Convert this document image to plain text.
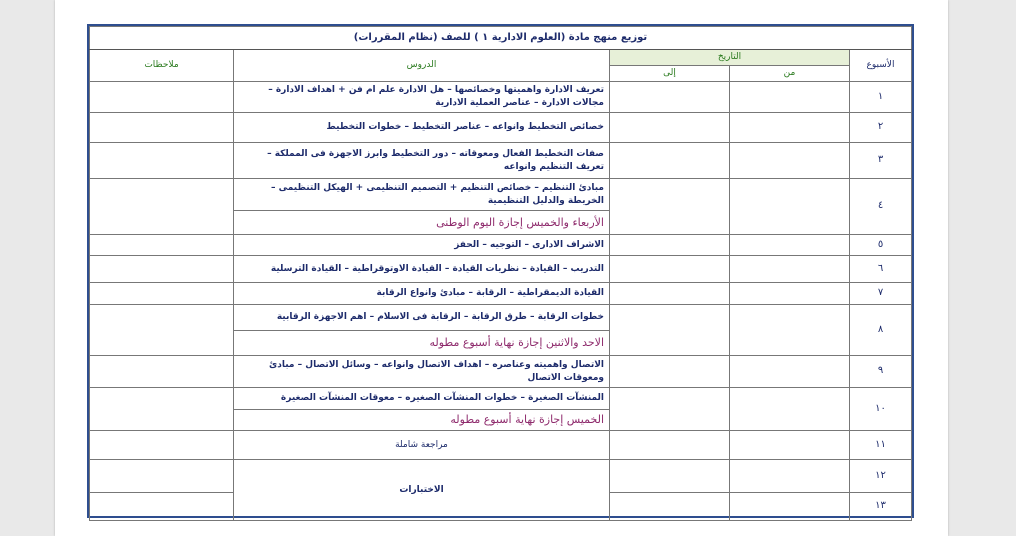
توزيع منهج مادة (العلوم الادارية ١ ) للصف (نظام المقررات)				
الأسبوع	التاريخ		الدروس	ملاحظات
	من	إلى		
١			تعريف الادارة واهميتها وخصائصها – هل الادارة علم ام فن + اهداف الادارة – مجالات الادارة – عناصر العملية الادارية	
٢			خصائص التخطيط وانواعه – عناصر التخطيط – خطوات التخطيط	
٣			صفات التخطيط الفعال ومعوقاته – دور التخطيط وابرز الاجهزة فى المملكة – تعريف التنظيم وانواعه	
٤			مبادئ التنظيم – خصائص التنظيم + التصميم التنظيمى + الهيكل التنظيمى – الخريطة والدليل التنظيمية	
			الأربعاء والخميس إجازة اليوم الوطنى	
٥			الاشراف الادارى – التوجيه – الحفز	
٦			التدريب – القيادة – نظريات القيادة – القيادة الاوتوقراطية – القيادة الترسلية	
٧			القيادة الديمقراطية – الرقابة – مبادئ وانواع الرقابة	
٨			خطوات الرقابة – طرق الرقابة – الرقابة فى الاسلام – اهم الاجهزة الرقابية	
			الاحد والاثنين إجازة نهاية أسبوع مطوله	
٩			الاتصال واهميته وعناصره – اهداف الاتصال وانواعه – وسائل الاتصال – مبادئ ومعوقات الاتصال	
١٠			المنشآت الصغيرة – خطوات المنشآت الصغيره – معوقات المنشآت الصغيرة	
			الخميس إجازة نهاية أسبوع مطوله	
١١			مراجعة شاملة	
١٢			الاختبارات	
١٣				
